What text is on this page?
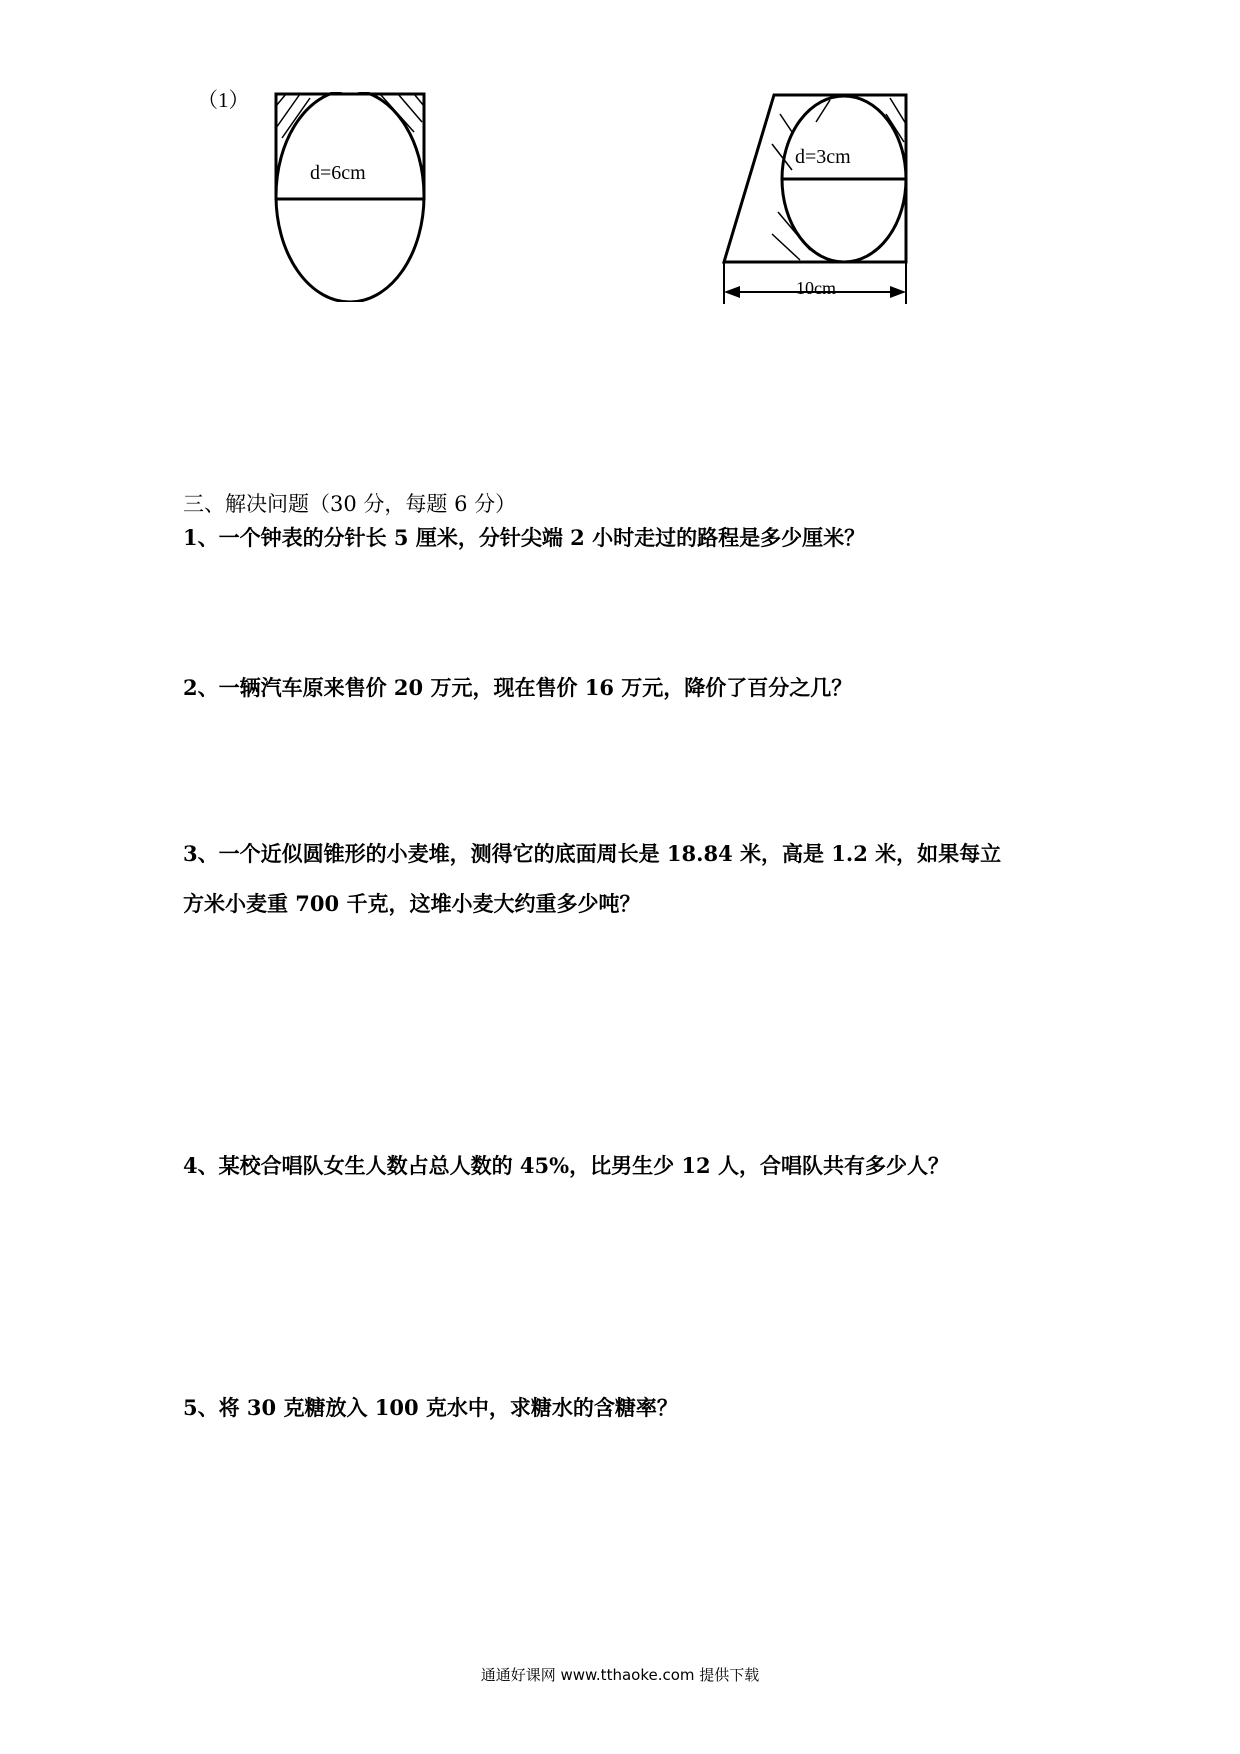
（1）
d=6cm
d=3cm
10cm
三、解决问题（30 分，每题 6 分）
1、一个钟表的分针长 5 厘米，分针尖端 2 小时走过的路程是多少厘米？
2、一辆汽车原来售价 20 万元，现在售价 16 万元，降价了百分之几？
3、一个近似圆锥形的小麦堆，测得它的底面周长是 18.84 米，高是 1.2 米，如果每立
方米小麦重 700 千克，这堆小麦大约重多少吨？
4、某校合唱队女生人数占总人数的 45%，比男生少 12 人，合唱队共有多少人？
5、将 30 克糖放入 100 克水中，求糖水的含糖率？
通通好课网 www.tthaoke.com 提供下载
